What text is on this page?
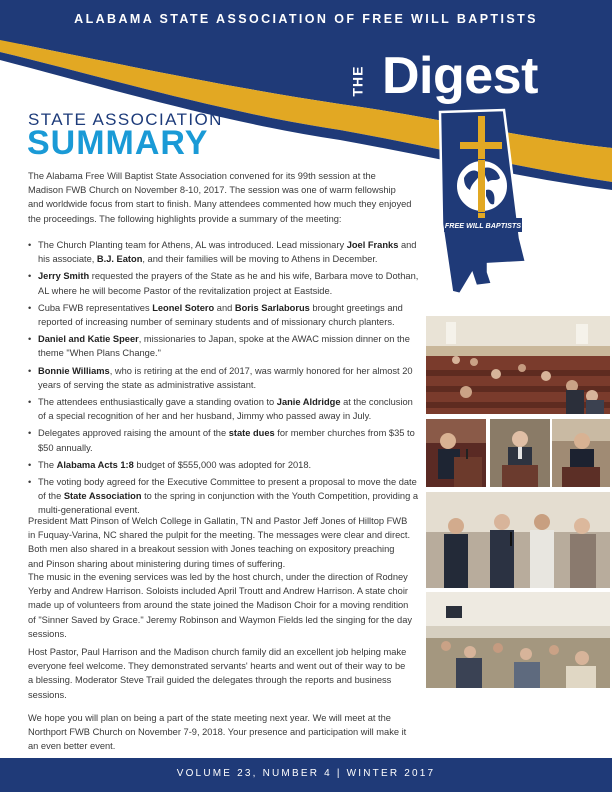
ALABAMA STATE ASSOCIATION OF FREE WILL BAPTISTS
THE Digest
FREE WILL BAPTISTS
STATE ASSOCIATION
SUMMARY

The Alabama Free Will Baptist State Association convened for its 99th session at the Madison FWB Church on November 8-10, 2017. The session was one of warm fellowship and worldwide focus from start to finish. Many attendees commented how much they enjoyed the proceedings. The following highlights provide a summary of the meeting:

• The Church Planting team for Athens, AL was introduced. Lead missionary Joel Franks and his associate, B.J. Eaton, and their families will be moving to Athens in December.
• Jerry Smith requested the prayers of the State as he and his wife, Barbara move to Dothan, AL where he will become Pastor of the revitalization project at Eastside.
• Cuba FWB representatives Leonel Sotero and Boris Sarlaborus brought greetings and reported of increasing number of seminary students and of missionary church planters.
• Daniel and Katie Speer, missionaries to Japan, spoke at the AWAC mission dinner on the theme "When Plans Change."
• Bonnie Williams, who is retiring at the end of 2017, was warmly honored for her almost 20 years of serving the state as administrative assistant.
• The attendees enthusiastically gave a standing ovation to Janie Aldridge at the conclusion of a special recognition of her and her husband, Jimmy who passed away in July.
• Delegates approved raising the amount of the state dues for member churches from $35 to $50 annually.
• The Alabama Acts 1:8 budget of $555,000 was adopted for 2018.
• The voting body agreed for the Executive Committee to present a proposal to move the date of the State Association to the spring in conjunction with the Youth Competition, providing a multi-generational event.

President Matt Pinson of Welch College in Gallatin, TN and Pastor Jeff Jones of Hilltop FWB in Fuquay-Varina, NC shared the pulpit for the meeting. The messages were clear and direct. Both men also shared in a breakout session with Jones teaching on expository preaching and Pinson sharing about ministering during times of suffering.

The music in the evening services was led by the host church, under the direction of Rodney Yerby and Andrew Harrison. Soloists included April Troutt and Andrew Harrison. A state choir made up of volunteers from around the state joined the Madison Choir for a moving rendition of "Sinner Saved by Grace." Jeremy Robinson and Waymon Fields led the singing for the day sessions.

Host Pastor, Paul Harrison and the Madison church family did an excellent job helping make everyone feel welcome. They demonstrated servants' hearts and went out of their way to be a blessing. Moderator Steve Trail guided the delegates through the reports and business sessions.

We hope you will plan on being a part of the state meeting next year. We will meet at the Northport FWB Church on November 7-9, 2018. Your presence and participation will make it an even better event.

VOLUME 23, NUMBER 4 | WINTER 2017
